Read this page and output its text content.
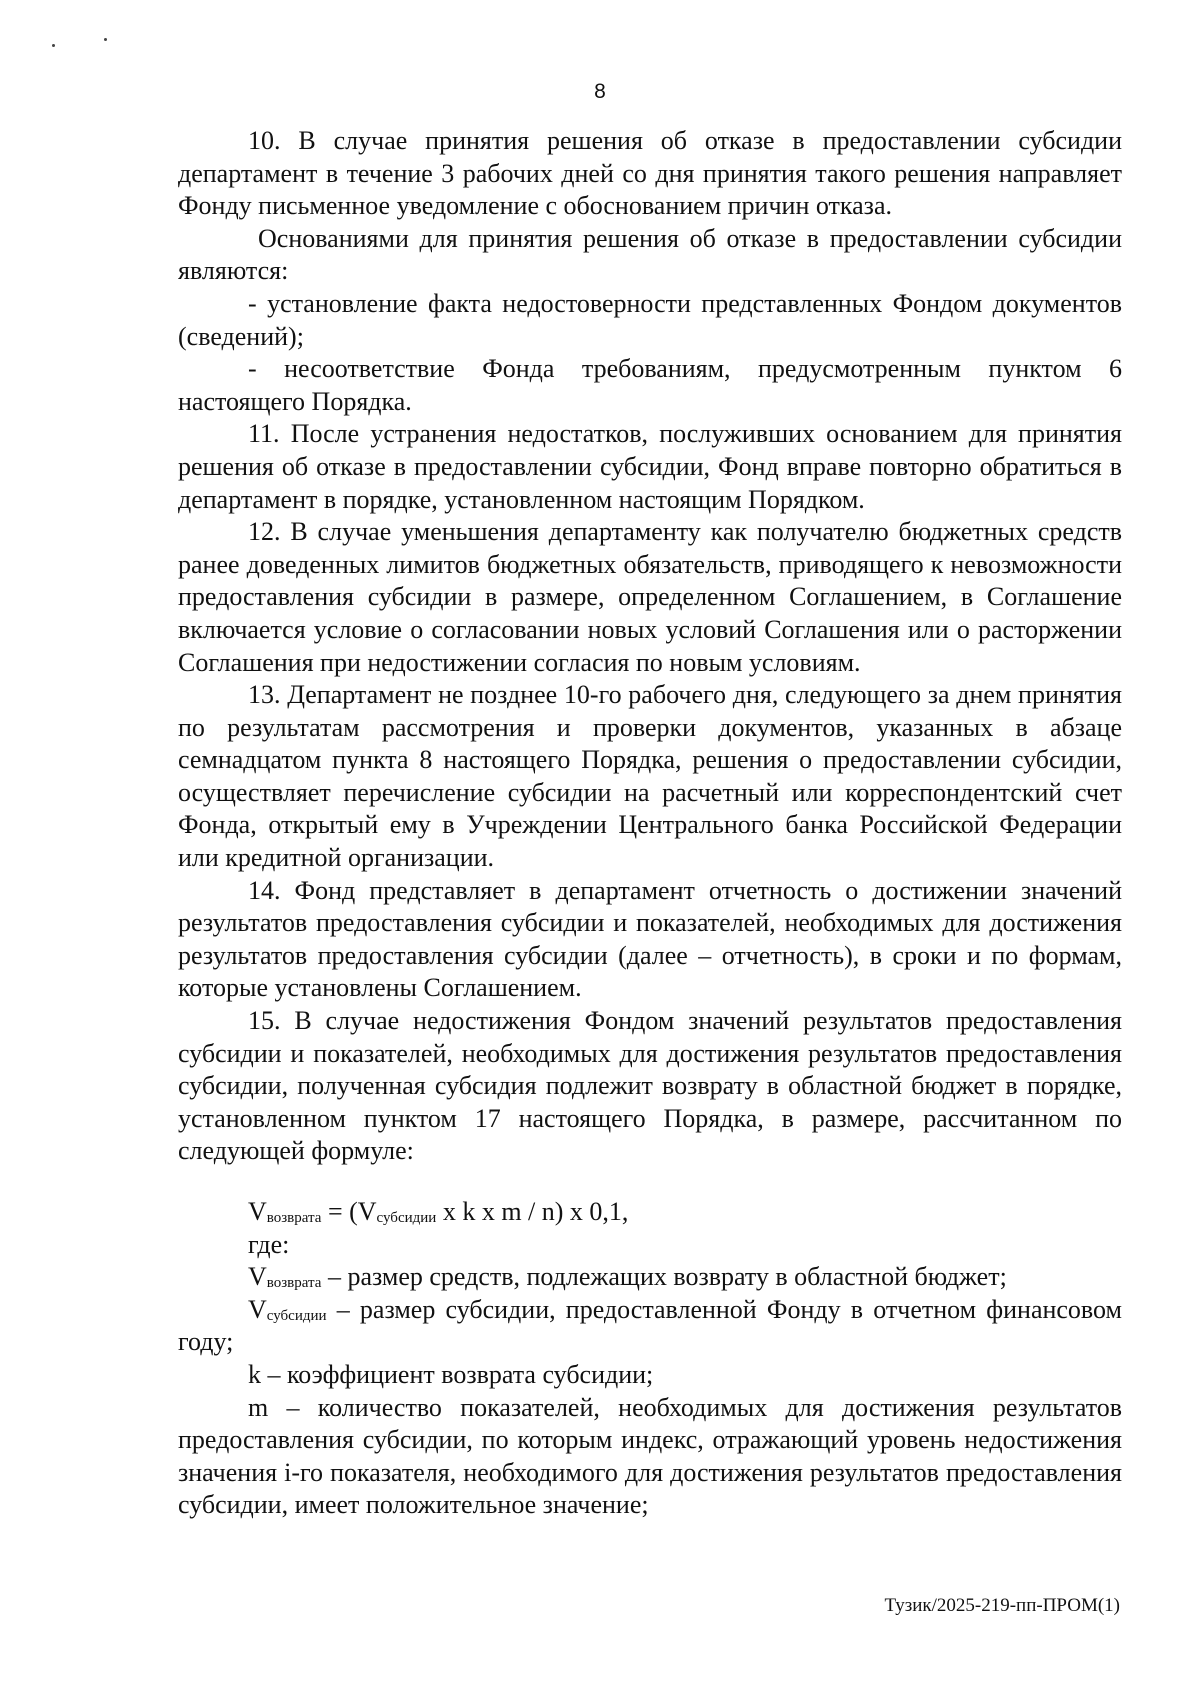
8

10. В случае принятия решения об отказе в предоставлении субсидии департамент в течение 3 рабочих дней со дня принятия такого решения направляет Фонду письменное уведомление с обоснованием причин отказа.

Основаниями для принятия решения об отказе в предоставлении субсидии являются:

- установление факта недостоверности представленных Фондом документов (сведений);

- несоответствие Фонда требованиям, предусмотренным пунктом 6 настоящего Порядка.

11. После устранения недостатков, послуживших основанием для принятия решения об отказе в предоставлении субсидии, Фонд вправе повторно обратиться в департамент в порядке, установленном настоящим Порядком.

12. В случае уменьшения департаменту как получателю бюджетных средств ранее доведенных лимитов бюджетных обязательств, приводящего к невозможности предоставления субсидии в размере, определенном Соглашением, в Соглашение включается условие о согласовании новых условий Соглашения или о расторжении Соглашения при недостижении согласия по новым условиям.

13. Департамент не позднее 10-го рабочего дня, следующего за днем принятия по результатам рассмотрения и проверки документов, указанных в абзаце семнадцатом пункта 8 настоящего Порядка, решения о предоставлении субсидии, осуществляет перечисление субсидии на расчетный или корреспондентский счет Фонда, открытый ему в Учреждении Центрального банка Российской Федерации или кредитной организации.

14. Фонд представляет в департамент отчетность о достижении значений результатов предоставления субсидии и показателей, необходимых для достижения результатов предоставления субсидии (далее – отчетность), в сроки и по формам, которые установлены Соглашением.

15. В случае недостижения Фондом значений результатов предоставления субсидии и показателей, необходимых для достижения результатов предоставления субсидии, полученная субсидия подлежит возврату в областной бюджет в порядке, установленном пунктом 17 настоящего Порядка, в размере, рассчитанном по следующей формуле:

$V_{возврата} = (V_{субсидии}$ x k x m / n) x 0,1,

где:

$V_{возврата}$ – размер средств, подлежащих возврату в областной бюджет;

$V_{субсидии}$ – размер субсидии, предоставленной Фонду в отчетном финансовом году;

k – коэффициент возврата субсидии;

m – количество показателей, необходимых для достижения результатов предоставления субсидии, по которым индекс, отражающий уровень недостижения значения i-го показателя, необходимого для достижения результатов предоставления субсидии, имеет положительное значение;

Тузик/2025-219-пп-ПРОМ(1)
